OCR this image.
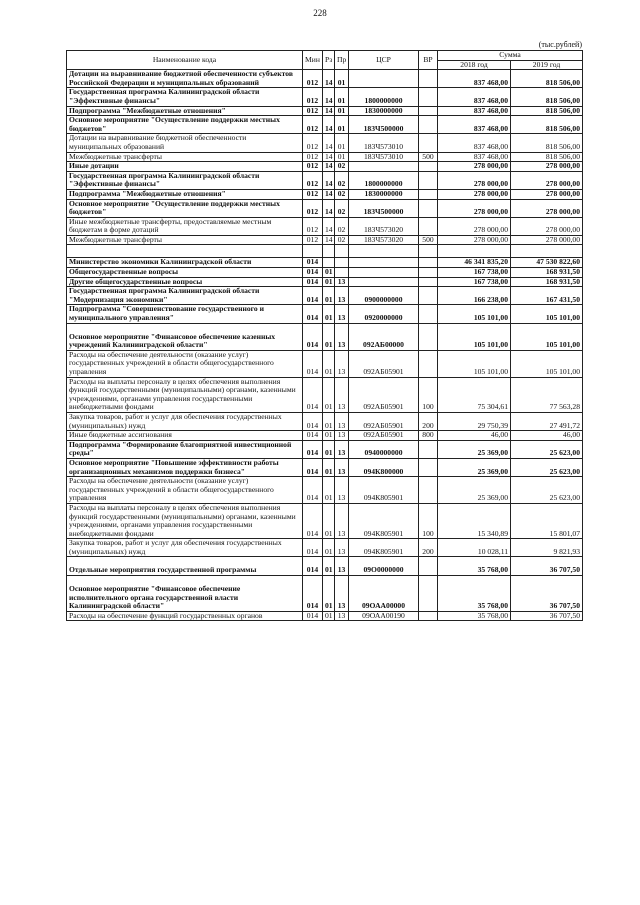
228
(тыс.рублей)
Наименование кода	Мин	Рз	Пр	ЦСР	ВР	Сумма	
						2018 год	2019 год
Дотации на выравнивание бюджетной обеспеченности субъектов Российской Федерации и муниципальных образований	012	14	01			837 468,00	818 506,00
Государственная программа Калининградской области "Эффективные финансы"	012	14	01	1800000000		837 468,00	818 506,00
Подпрограмма "Межбюджетные отношения"	012	14	01	1830000000		837 468,00	818 506,00
Основное мероприятие "Осуществление поддержки местных бюджетов"	012	14	01	183Ч500000		837 468,00	818 506,00
Дотации на выравнивание бюджетной обеспеченности муниципальных образований	012	14	01	183Ч573010		837 468,00	818 506,00
Межбюджетные трансферты	012	14	01	183Ч573010	500	837 468,00	818 506,00
Иные дотации	012	14	02			278 000,00	278 000,00
Государственная программа Калининградской области "Эффективные финансы"	012	14	02	1800000000		278 000,00	278 000,00
Подпрограмма "Межбюджетные отношения"	012	14	02	1830000000		278 000,00	278 000,00
Основное мероприятие "Осуществление поддержки местных бюджетов"	012	14	02	183Ч500000		278 000,00	278 000,00
Иные межбюджетные трансферты, предоставляемые местным бюджетам в форме дотаций	012	14	02	183Ч573020		278 000,00	278 000,00
Межбюджетные трансферты	012	14	02	183Ч573020	500	278 000,00	278 000,00

Министерство экономики Калининградской области	014					46 341 835,20	47 530 822,60
Общегосударственные вопросы	014	01				167 738,00	168 931,50
Другие общегосударственные вопросы	014	01	13			167 738,00	168 931,50
Государственная программа Калининградской области "Модернизация экономики"	014	01	13	0900000000		166 238,00	167 431,50
Подпрограмма "Совершенствование государственного и муниципального управления"	014	01	13	0920000000		105 101,00	105 101,00
Основное мероприятие "Финансовое обеспечение казенных учреждений Калининградской области"	014	01	13	092АБ00000		105 101,00	105 101,00
Расходы на обеспечение деятельности (оказание услуг) государственных учреждений в области общегосударственного управления	014	01	13	092АБ05901		105 101,00	105 101,00
Расходы на выплаты персоналу в целях обеспечения выполнения функций государственными (муниципальными) органами, казенными учреждениями, органами управления государственными внебюджетными фондами	014	01	13	092АБ05901	100	75 304,61	77 563,28
Закупка товаров, работ и услуг для обеспечения государственных (муниципальных) нужд	014	01	13	092АБ05901	200	29 750,39	27 491,72
Иные бюджетные ассигнования	014	01	13	092АБ05901	800	46,00	46,00
Подпрограмма "Формирование благоприятной инвестиционной среды"	014	01	13	0940000000		25 369,00	25 623,00
Основное мероприятие "Повышение эффективности работы организационных механизмов поддержки бизнеса"	014	01	13	094К800000		25 369,00	25 623,00
Расходы на обеспечение деятельности (оказание услуг) государственных учреждений в области общегосударственного управления	014	01	13	094К805901		25 369,00	25 623,00
Расходы на выплаты персоналу в целях обеспечения выполнения функций государственными (муниципальными) органами, казенными учреждениями, органами управления государственными внебюджетными фондами	014	01	13	094К805901	100	15 340,89	15 801,07
Закупка товаров, работ и услуг для обеспечения государственных (муниципальных) нужд	014	01	13	094К805901	200	10 028,11	9 821,93
Отдельные мероприятия государственной программы	014	01	13	09О0000000		35 768,00	36 707,50
Основное мероприятие "Финансовое обеспечение исполнительного органа государственной власти Калининградской области"	014	01	13	09ОАА00000		35 768,00	36 707,50
Расходы на обеспечение функций государственных органов	014	01	13	09ОАА00190		35 768,00	36 707,50
